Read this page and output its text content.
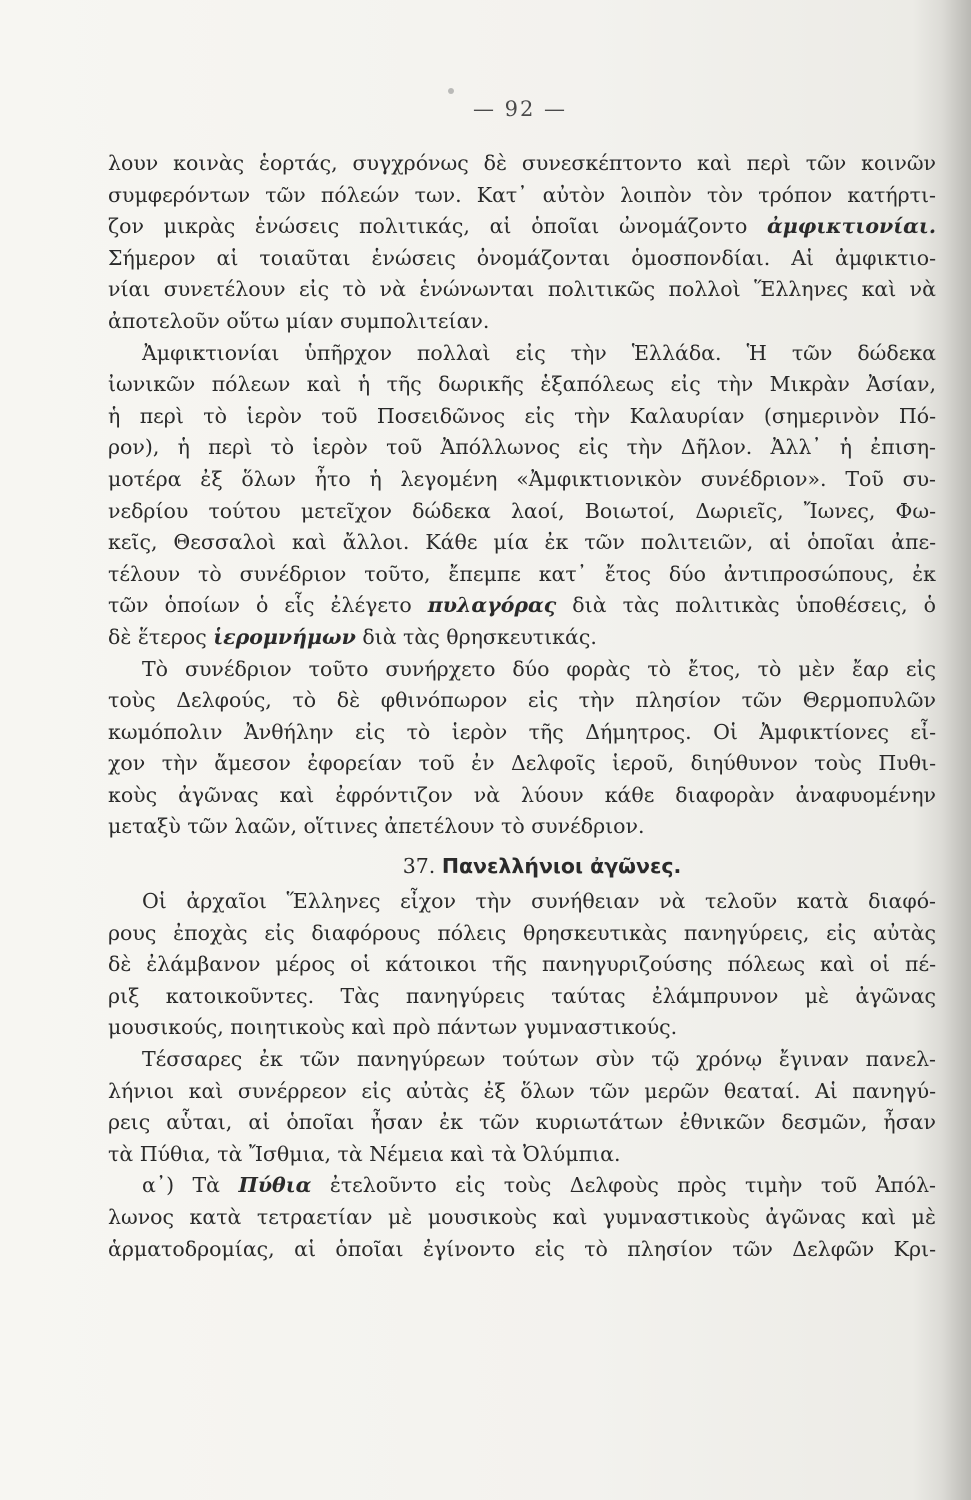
— 92 —
λουν κοινὰς ἑορτάς, συγχρόνως δὲ συνεσκέπτοντο καὶ περὶ τῶν κοινῶν
συμφερόντων τῶν πόλεών των. Κατ᾽ αὐτὸν λοιπὸν τὸν τρόπον κατήρτι-
ζον μικρὰς ἑνώσεις πολιτικάς, αἱ ὁποῖαι ὠνομάζοντο ἀμφικτιονίαι.
Σήμερον αἱ τοιαῦται ἑνώσεις ὀνομάζονται ὁμοσπονδίαι. Αἱ ἀμφικτιο-
νίαι συνετέλουν εἰς τὸ νὰ ἑνώνωνται πολιτικῶς πολλοὶ Ἕλληνες καὶ νὰ
ἀποτελοῦν οὕτω μίαν συμπολιτείαν.
Ἀμφικτιονίαι ὑπῆρχον πολλαὶ εἰς τὴν Ἑλλάδα. Ἡ τῶν δώδεκα
ἰωνικῶν πόλεων καὶ ἡ τῆς δωρικῆς ἑξαπόλεως εἰς τὴν Μικρὰν Ἀσίαν,
ἡ περὶ τὸ ἱερὸν τοῦ Ποσειδῶνος εἰς τὴν Καλαυρίαν (σημερινὸν Πό-
ρον), ἡ περὶ τὸ ἱερὸν τοῦ Ἀπόλλωνος εἰς τὴν Δῆλον. Ἀλλ᾽ ἡ ἐπιση-
μοτέρα ἐξ ὅλων ἦτο ἡ λεγομένη «Ἀμφικτιονικὸν συνέδριον». Τοῦ συ-
νεδρίου τούτου μετεῖχον δώδεκα λαοί, Βοιωτοί, Δωριεῖς, Ἴωνες, Φω-
κεῖς, Θεσσαλοὶ καὶ ἄλλοι. Κάθε μία ἐκ τῶν πολιτειῶν, αἱ ὁποῖαι ἀπε-
τέλουν τὸ συνέδριον τοῦτο, ἔπεμπε κατ᾽ ἔτος δύο ἀντιπροσώπους, ἐκ
τῶν ὁποίων ὁ εἷς ἐλέγετο πυλαγόρας διὰ τὰς πολιτικὰς ὑποθέσεις, ὁ
δὲ ἕτερος ἱερομνήμων διὰ τὰς θρησκευτικάς.
Τὸ συνέδριον τοῦτο συνήρχετο δύο φορὰς τὸ ἔτος, τὸ μὲν ἔαρ εἰς
τοὺς Δελφούς, τὸ δὲ φθινόπωρον εἰς τὴν πλησίον τῶν Θερμοπυλῶν
κωμόπολιν Ἀνθήλην εἰς τὸ ἱερὸν τῆς Δήμητρος. Οἱ Ἀμφικτίονες εἶ-
χον τὴν ἄμεσον ἐφορείαν τοῦ ἐν Δελφοῖς ἱεροῦ, διηύθυνον τοὺς Πυθι-
κοὺς ἀγῶνας καὶ ἐφρόντιζον νὰ λύουν κάθε διαφορὰν ἀναφυομένην
μεταξὺ τῶν λαῶν, οἵτινες ἀπετέλουν τὸ συνέδριον.
37. Πανελλήνιοι ἀγῶνες.
Οἱ ἀρχαῖοι Ἕλληνες εἶχον τὴν συνήθειαν νὰ τελοῦν κατὰ διαφό-
ρους ἐποχὰς εἰς διαφόρους πόλεις θρησκευτικὰς πανηγύρεις, εἰς αὐτὰς
δὲ ἐλάμβανον μέρος οἱ κάτοικοι τῆς πανηγυριζούσης πόλεως καὶ οἱ πέ-
ριξ κατοικοῦντες. Τὰς πανηγύρεις ταύτας ἐλάμπρυνον μὲ ἀγῶνας
μουσικούς, ποιητικοὺς καὶ πρὸ πάντων γυμναστικούς.
Τέσσαρες ἐκ τῶν πανηγύρεων τούτων σὺν τῷ χρόνῳ ἔγιναν πανελ-
λήνιοι καὶ συνέρρεον εἰς αὐτὰς ἐξ ὅλων τῶν μερῶν θεαταί. Αἱ πανηγύ-
ρεις αὗται, αἱ ὁποῖαι ἦσαν ἐκ τῶν κυριωτάτων ἐθνικῶν δεσμῶν, ἦσαν
τὰ Πύθια, τὰ Ἴσθμια, τὰ Νέμεια καὶ τὰ Ὀλύμπια.
α᾽) Τὰ Πύθια ἐτελοῦντο εἰς τοὺς Δελφοὺς πρὸς τιμὴν τοῦ Ἀπόλ-
λωνος κατὰ τετραετίαν μὲ μουσικοὺς καὶ γυμναστικοὺς ἀγῶνας καὶ μὲ
ἁρματοδρομίας, αἱ ὁποῖαι ἐγίνοντο εἰς τὸ πλησίον τῶν Δελφῶν Κρι-
